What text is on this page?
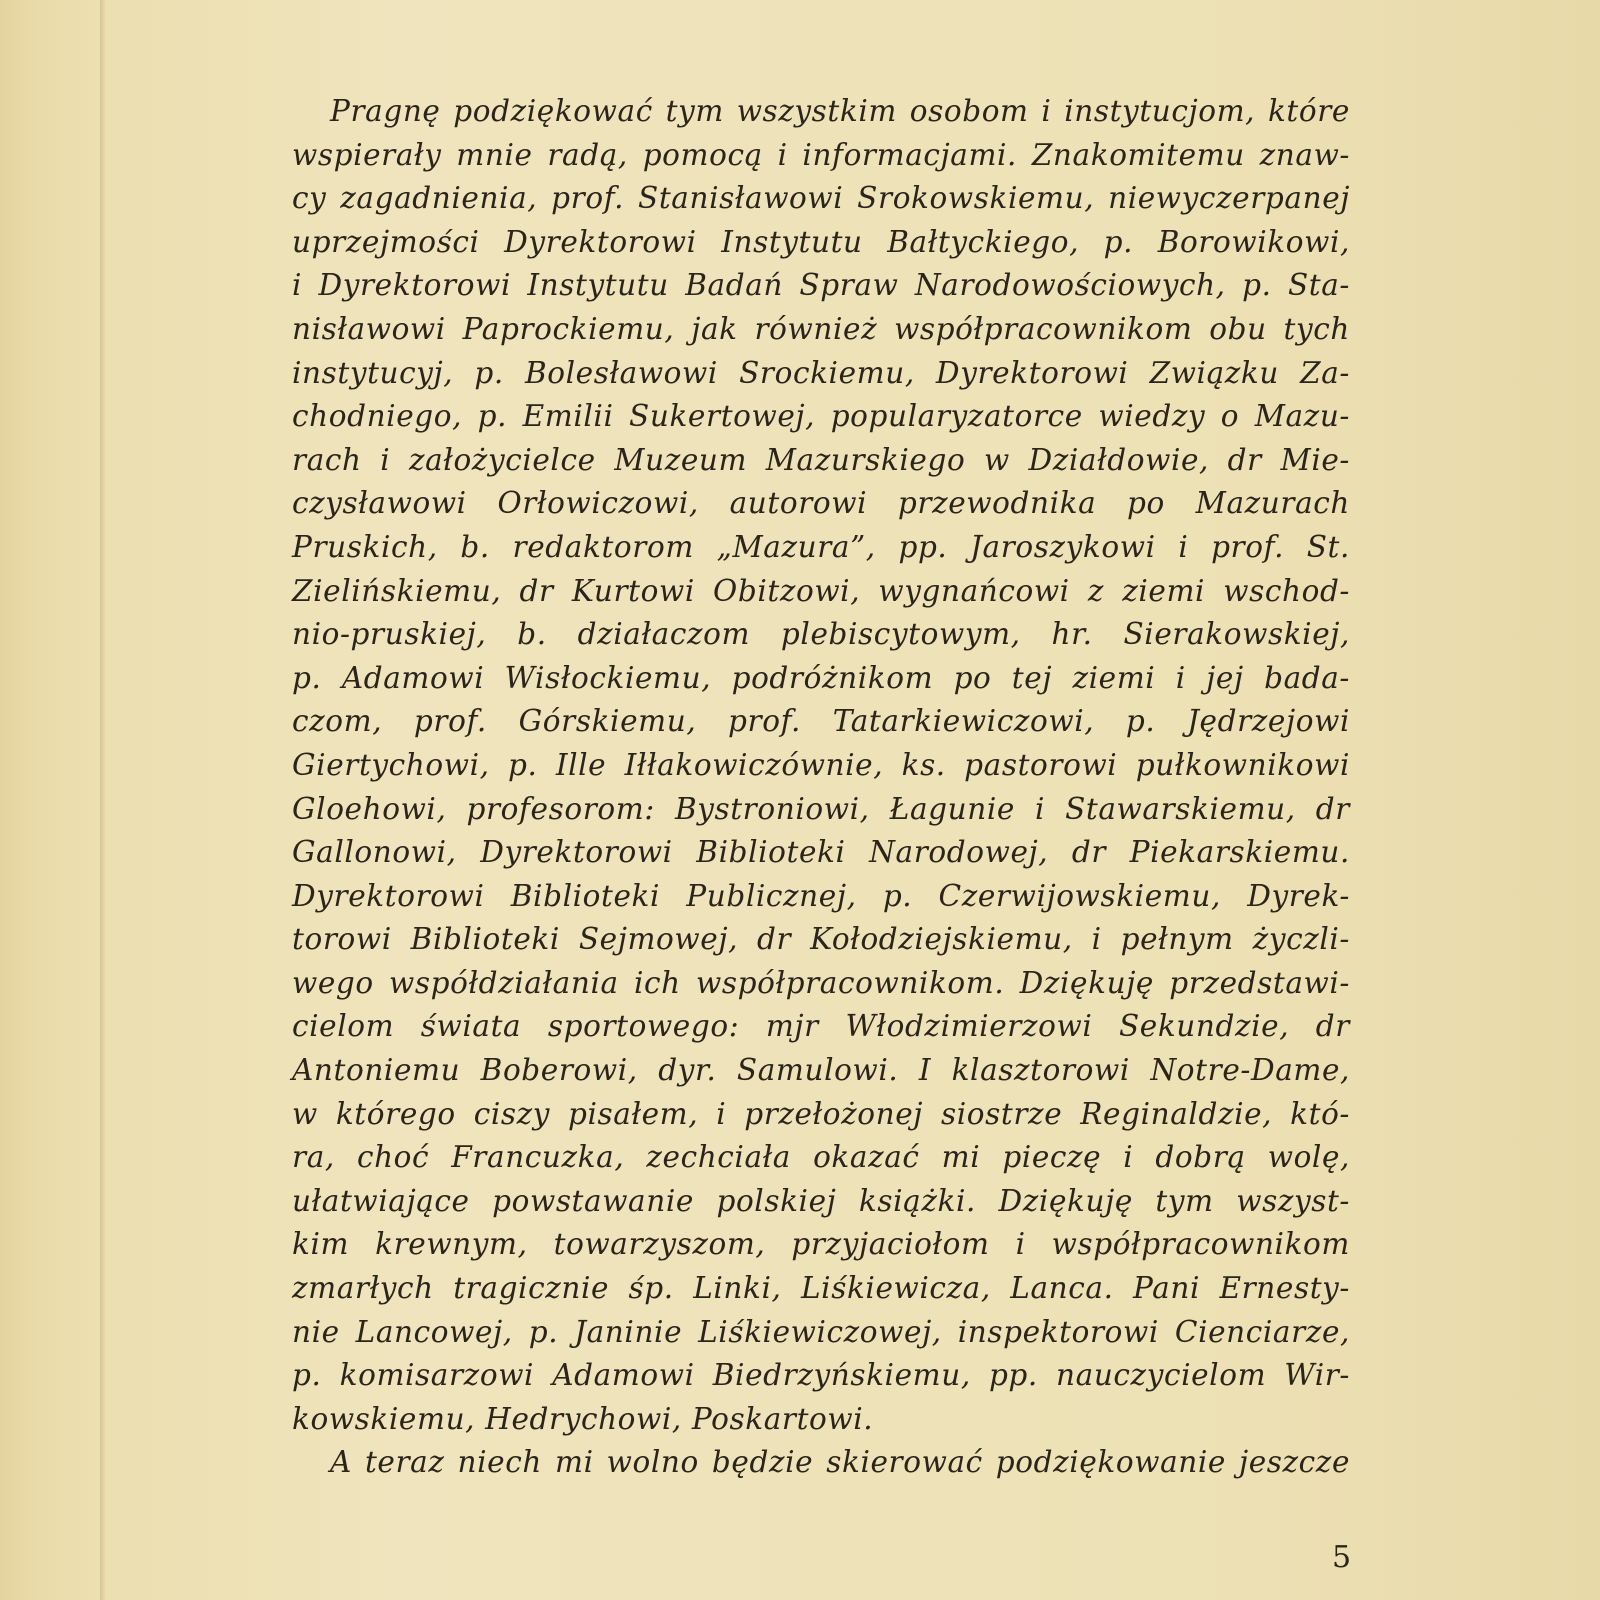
Pragnę podziękować tym wszystkim osobom i instytucjom, które
wspierały mnie radą, pomocą i informacjami. Znakomitemu znaw-
cy zagadnienia, prof. Stanisławowi Srokowskiemu, niewyczerpanej
uprzejmości Dyrektorowi Instytutu Bałtyckiego, p. Borowikowi,
i Dyrektorowi Instytutu Badań Spraw Narodowościowych, p. Sta-
nisławowi Paprockiemu, jak również współpracownikom obu tych
instytucyj, p. Bolesławowi Srockiemu, Dyrektorowi Związku Za-
chodniego, p. Emilii Sukertowej, popularyzatorce wiedzy o Mazu-
rach i założycielce Muzeum Mazurskiego w Działdowie, dr Mie-
czysławowi Orłowiczowi, autorowi przewodnika po Mazurach
Pruskich, b. redaktorom „Mazura”, pp. Jaroszykowi i prof. St.
Zielińskiemu, dr Kurtowi Obitzowi, wygnańcowi z ziemi wschod-
nio-pruskiej, b. działaczom plebiscytowym, hr. Sierakowskiej,
p. Adamowi Wisłockiemu, podróżnikom po tej ziemi i jej bada-
czom, prof. Górskiemu, prof. Tatarkiewiczowi, p. Jędrzejowi
Giertychowi, p. Ille Iłłakowiczównie, ks. pastorowi pułkownikowi
Gloehowi, profesorom: Bystroniowi, Łagunie i Stawarskiemu, dr
Gallonowi, Dyrektorowi Biblioteki Narodowej, dr Piekarskiemu.
Dyrektorowi Biblioteki Publicznej, p. Czerwijowskiemu, Dyrek-
torowi Biblioteki Sejmowej, dr Kołodziejskiemu, i pełnym życzli-
wego współdziałania ich współpracownikom. Dziękuję przedstawi-
cielom świata sportowego: mjr Włodzimierzowi Sekundzie, dr
Antoniemu Boberowi, dyr. Samulowi. I klasztorowi Notre-Dame,
w którego ciszy pisałem, i przełożonej siostrze Reginaldzie, któ-
ra, choć Francuzka, zechciała okazać mi pieczę i dobrą wolę,
ułatwiające powstawanie polskiej książki. Dziękuję tym wszyst-
kim krewnym, towarzyszom, przyjaciołom i współpracownikom
zmarłych tragicznie śp. Linki, Liśkiewicza, Lanca. Pani Ernesty-
nie Lancowej, p. Janinie Liśkiewiczowej, inspektorowi Cienciarze,
p. komisarzowi Adamowi Biedrzyńskiemu, pp. nauczycielom Wir-
kowskiemu, Hedrychowi, Poskartowi.
A teraz niech mi wolno będzie skierować podziękowanie jeszcze
5
